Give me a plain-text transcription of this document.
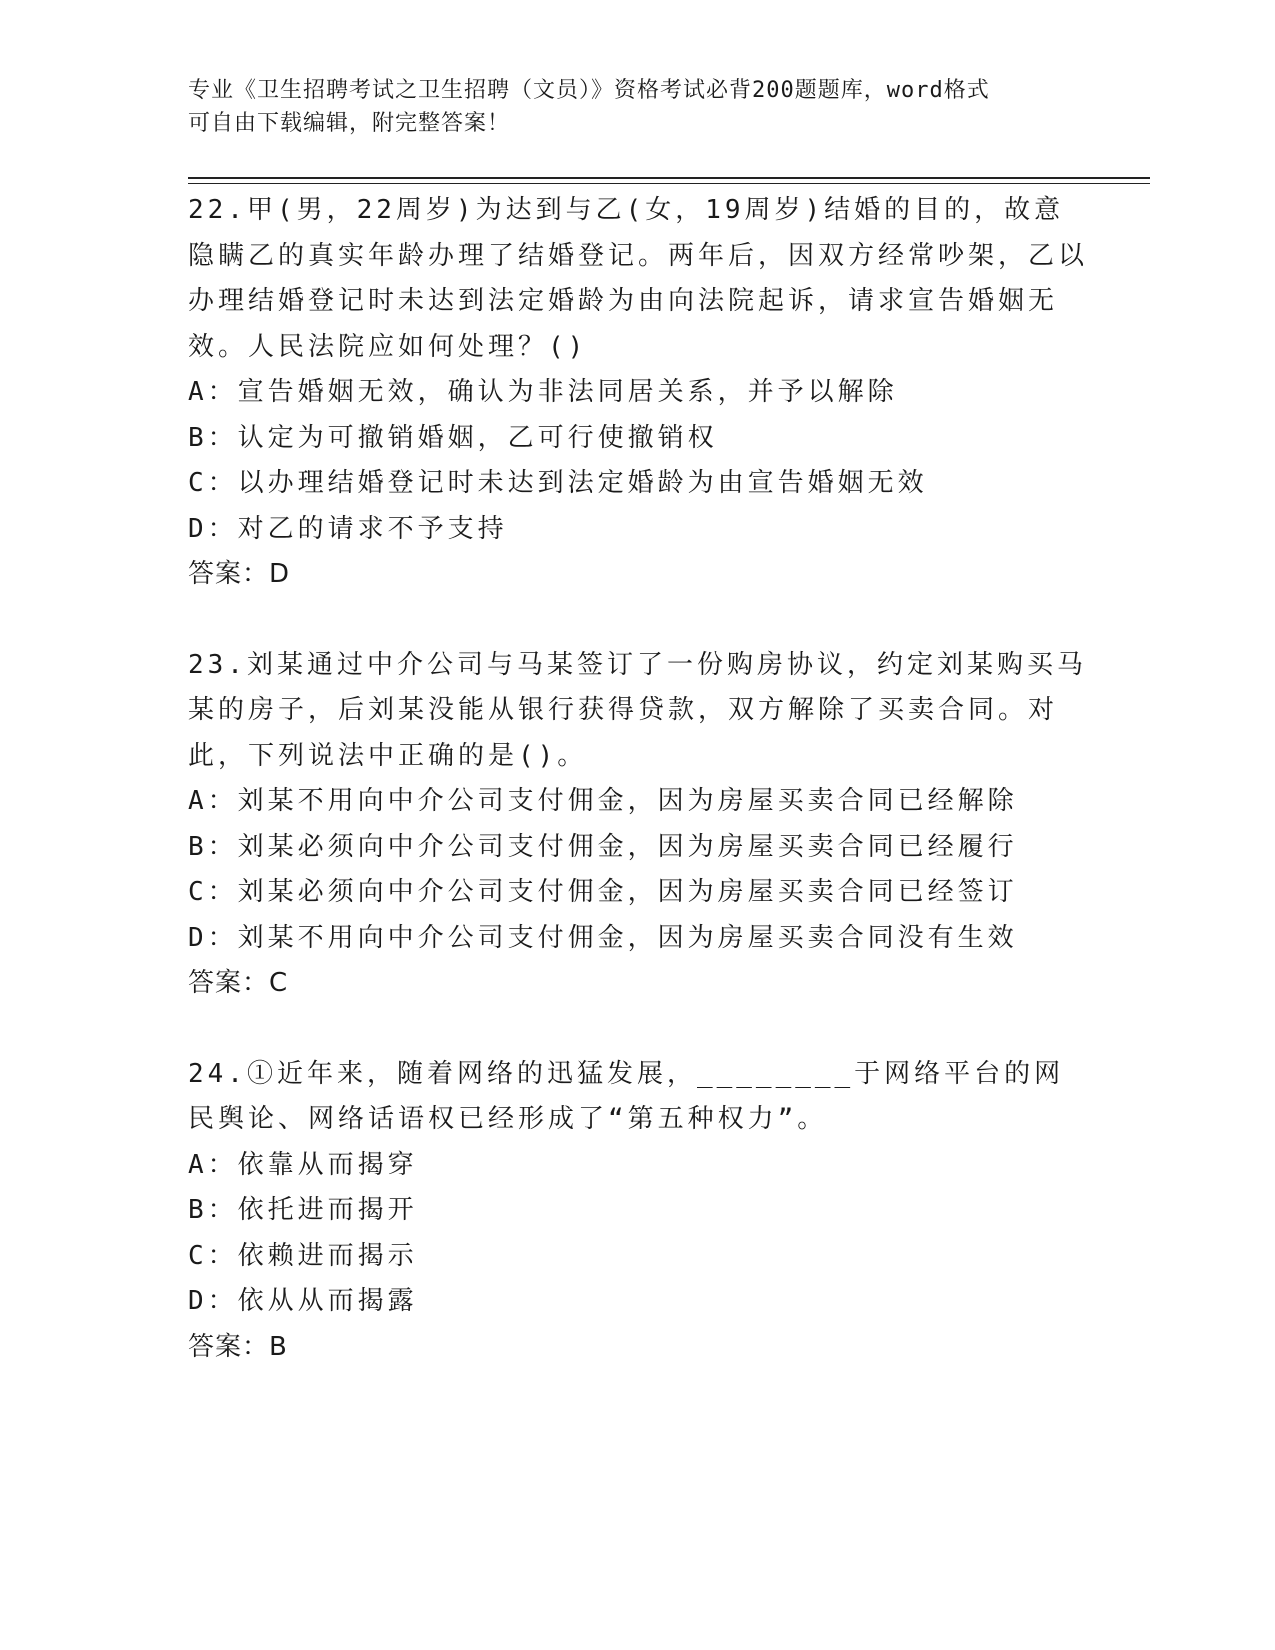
专业《卫生招聘考试之卫生招聘（文员）》资格考试必背200题题库，word格式
可自由下载编辑，附完整答案！

22.甲(男，22周岁)为达到与乙(女，19周岁)结婚的目的，故意隐瞒乙的真实年龄办理了结婚登记。两年后，因双方经常吵架，乙以办理结婚登记时未达到法定婚龄为由向法院起诉，请求宣告婚姻无效。人民法院应如何处理？()

A：宣告婚姻无效，确认为非法同居关系，并予以解除

B：认定为可撤销婚姻，乙可行使撤销权

C：以办理结婚登记时未达到法定婚龄为由宣告婚姻无效

D：对乙的请求不予支持

答案：D

23.刘某通过中介公司与马某签订了一份购房协议，约定刘某购买马某的房子，后刘某没能从银行获得贷款，双方解除了买卖合同。对此，下列说法中正确的是()。

A：刘某不用向中介公司支付佣金，因为房屋买卖合同已经解除

B：刘某必须向中介公司支付佣金，因为房屋买卖合同已经履行

C：刘某必须向中介公司支付佣金，因为房屋买卖合同已经签订

D：刘某不用向中介公司支付佣金，因为房屋买卖合同没有生效

答案：C

24.①近年来，随着网络的迅猛发展，________于网络平台的网民舆论、网络话语权已经形成了“第五种权力”。

A：依靠从而揭穿

B：依托进而揭开

C：依赖进而揭示

D：依从从而揭露

答案：B
